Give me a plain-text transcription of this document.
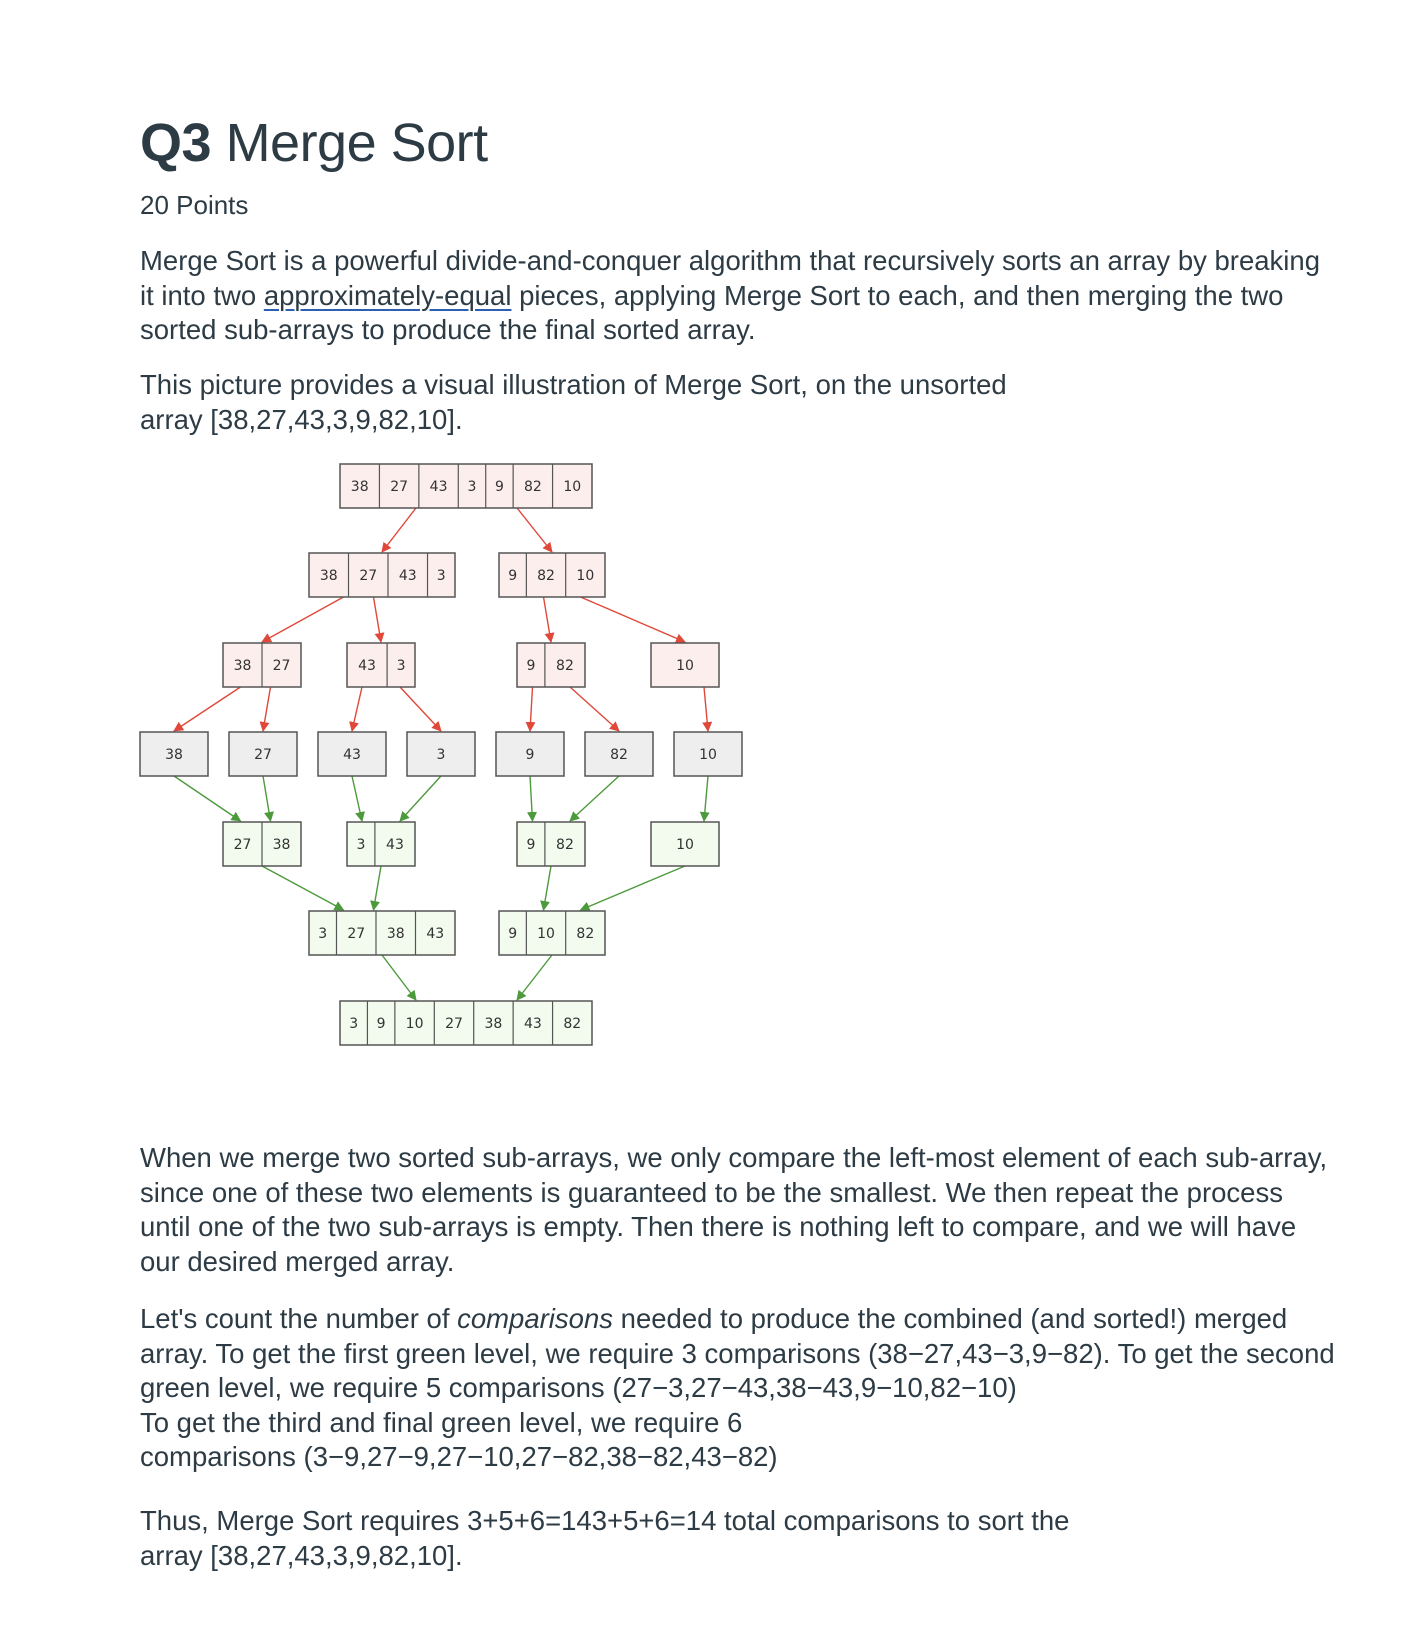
Q3 Merge Sort
20 Points

Merge Sort is a powerful divide-and-conquer algorithm that recursively sorts an array by breaking it into two approximately-equal pieces, applying Merge Sort to each, and then merging the two sorted sub-arrays to produce the final sorted array.

This picture provides a visual illustration of Merge Sort, on the unsorted
array [38,27,43,3,9,82,10].

When we merge two sorted sub-arrays, we only compare the left-most element of each sub-array, since one of these two elements is guaranteed to be the smallest. We then repeat the process until one of the two sub-arrays is empty. Then there is nothing left to compare, and we will have our desired merged array.

Let's count the number of comparisons needed to produce the combined (and sorted!) merged array. To get the first green level, we require 3 comparisons (38−27,43−3,9−82). To get the second green level, we require 5 comparisons (27−3,27−43,38−43,9−10,82−10)
To get the third and final green level, we require 6
comparisons (3−9,27−9,27−10,27−82,38−82,43−82)

Thus, Merge Sort requires 3+5+6=143+5+6=14 total comparisons to sort the
array [38,27,43,3,9,82,10].

38 27 43 3 9 82 10
38 27 43 3	9 82 10
38 27	43 3	9 82	10
38	27	43	3	9	82	10
27 38	3 43	9 82	10
3 27 38 43	9 10 82
3 9 10 27 38 43 82
